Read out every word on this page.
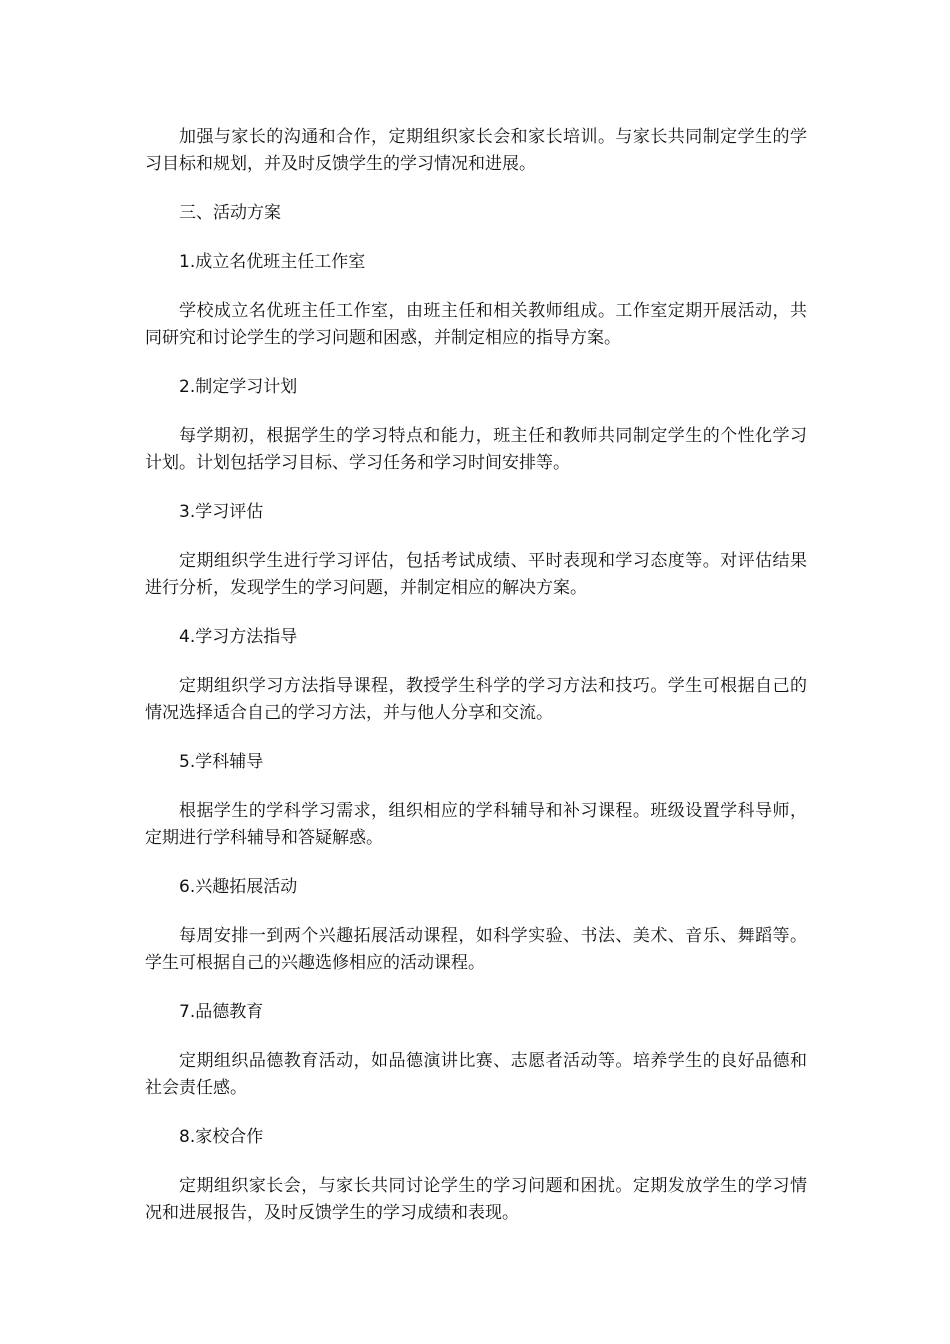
加强与家长的沟通和合作，定期组织家长会和家长培训。与家长共同制定学生的学习目标和规划，并及时反馈学生的学习情况和进展。

三、活动方案

1.成立名优班主任工作室

学校成立名优班主任工作室，由班主任和相关教师组成。工作室定期开展活动，共同研究和讨论学生的学习问题和困惑，并制定相应的指导方案。

2.制定学习计划

每学期初，根据学生的学习特点和能力，班主任和教师共同制定学生的个性化学习计划。计划包括学习目标、学习任务和学习时间安排等。

3.学习评估

定期组织学生进行学习评估，包括考试成绩、平时表现和学习态度等。对评估结果进行分析，发现学生的学习问题，并制定相应的解决方案。

4.学习方法指导

定期组织学习方法指导课程，教授学生科学的学习方法和技巧。学生可根据自己的情况选择适合自己的学习方法，并与他人分享和交流。

5.学科辅导

根据学生的学科学习需求，组织相应的学科辅导和补习课程。班级设置学科导师，定期进行学科辅导和答疑解惑。

6.兴趣拓展活动

每周安排一到两个兴趣拓展活动课程，如科学实验、书法、美术、音乐、舞蹈等。学生可根据自己的兴趣选修相应的活动课程。

7.品德教育

定期组织品德教育活动，如品德演讲比赛、志愿者活动等。培养学生的良好品德和社会责任感。

8.家校合作

定期组织家长会，与家长共同讨论学生的学习问题和困扰。定期发放学生的学习情况和进展报告，及时反馈学生的学习成绩和表现。
